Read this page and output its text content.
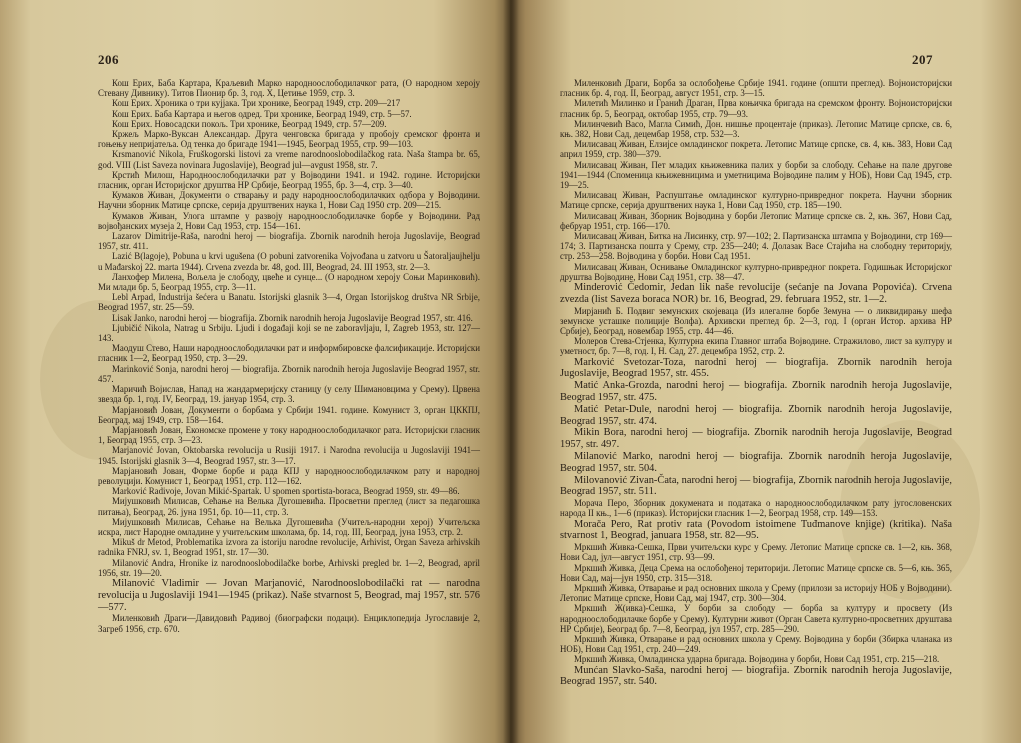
206

Кош Ерих, Баба Картара, Краљевић Марко народноослободилачког рата, (О народном херoју Стевану Дивнику). Титов Пионир бр. 3, год. X, Цетиње 1959, стр. 3.

Кош Ерих. Хроника о три кујјака. Три хронике, Београд 1949, стр. 209—217

Кош Ерих. Баба Картара и његов одред. Три хронике, Београд 1949, стр. 5—57.

Кош Ерих. Новосадски покољ. Три хронике, Београд 1949, стр. 57—209.

Кржељ Марко-Вуксан Александар. Друга ченговска бригада у пробоју сремског фронта и гоњењу непријатеља. Од тенка до бригаде 1941—1945, Београд 1955, стр. 99—103.

Krsmanović Nikola, Fruškogorski listovi za vreme narodnooslobodilačkog rata. Naša štampa br. 65, god. VIII (List Saveza novinara Jugoslavije), Beograd jul—avgust 1958, str. 7.

Крстић Милош, Народноослободилачки рат у Војводини 1941. и 1942. године. Историјски гласник, орган Историјског друштва НР Србије, Београд 1955, бр. 3—4, стр. 3—40.

Кумаков Живан, Документи о стварању и раду народноослободилачких одбора у Војводини. Научни зборник Матице српске, серија друштвених наука 1, Нови Сад 1950 стр. 209—215.

Кумаков Живан, Улога штампе у развоју народноослободилачке борбе у Војводини. Рад војвођанских музеја 2, Нови Сад 1953, стр. 154—161.

Lazarov Dimitrije-Raša, narodni heroj — biografija. Zbornik narodnih heroja Jugoslavije, Beograd 1957, str. 411.

Lazić B(lagoje), Pobuna u krvi ugušena (O pobuni zatvorenika Vojvođana u zatvoru u Šatoraljaujhelju u Mađarskoj 22. marta 1944). Crvena zvezda br. 48, god. III, Beograd, 24. III 1953, str. 2—3.

Ланхофер Милена, Вољела је слободу, цвеће и сунце... (О народном хероју Соњи Маринковић). Ми млади бр. 5, Београд 1955, стр. 3—11.

Lebl Arpad, Industrija šećera u Banatu. Istorijski glasnik 3—4, Organ Istorijskog društva NR Srbije, Beograd 1957, str. 25—59.

Lisak Janko, narodni heroj — biografija. Zbornik narodnih heroja Jugoslavije Beograd 1957, str. 416.

Ljubičić Nikola, Natrag u Srbiju. Ljudi i događaji koji se ne zaboravljaju, I, Zagreb 1953, str. 127—143.

Маодуш Стево, Наши народноослободилачки рат и информбировске фалсификације. Историјски гласник 1—2, Београд 1950, стр. 3—29.

Marinković Sonja, narodni heroj — biografija. Zbornik narodnih heroja Jugoslavije Beograd 1957, str. 457.

Маричић Војислав, Напад на жандармеријску станицу (у селу Шимановцима у Срему). Црвена звезда бр. 1, год. IV, Београд, 19. јануар 1954, стр. 3.

Марјановић Јован, Документи о борбама у Србији 1941. године. Комунист 3, орган ЦККПЈ, Београд, мај 1949, стр. 158—164.

Марјановић Јован, Економске промене у току народноослободилачког рата. Историјски гласник 1, Београд 1955, стр. 3—23.

Marjanović Jovan, Oktobarska revolucija u Rusiji 1917. i Narodna revolucija u Jugoslaviji 1941—1945. Istorijski glasnik 3—4, Beograd 1957, str. 3—17.

Марјановић Јован, Форме борбе и рада КПЈ у народноослободилачком рату и народној револуцији. Комунист 1, Београд 1951, стр. 112—162.

Marković Radivoje, Jovan Mikić-Spartak. U spomen sportista-boraca, Beograd 1959, str. 49—86.

Мијушковић Милисав, Сећање на Велька Дугошевића. Просветни преглед (лист за педагошка питања), Београд, 26. јуна 1951, бр. 10—11, стр. 3.

Мијушковић Милисав, Сећање на Велька Дугошевића (Учитељ-народни херој) Учитељска искра, лист Народне омладине у учитељским школама, бр. 14, год. III, Београд, јуна 1953, стр. 2.

Mikuš dr Metod, Problematika izvora za istoriju narodne revolucije, Arhivist, Organ Saveza arhivskih radnika FNRJ, sv. 1, Beograd 1951, str. 17—30.

Milanović Andra, Hronike iz narodnooslobodilačke borbe, Arhivski pregled br. 1—2, Beograd, april 1956, str. 19—20.

Milanović Vladimir — Jovan Marjanović, Narodnooslobodilački rat — narodna revolucija u Jugoslaviji 1941—1945 (prikaz). Naše stvarnost 5, Beograd, maj 1957, str. 576—577.

Миленковић Драги—Давидовић Радивој (биографски подаци). Енциклопедија Југославије 2, Загреб 1956, стр. 670.

207

Миленковић Драги, Борба за ослобођење Србије 1941. године (општи преглед). Војноисторијски гласник бр. 4, год. II, Београд, август 1951, стр. 3—15.

Милетић Милинко и Гранић Драган, Прва коњичка бригада на сремском фронту. Војноисторијски гласник бр. 5, Београд, октобар 1955, стр. 79—93.

Милинчевић Васо, Магла Симић, Дон. нишње процентаје (приказ). Летопис Матице српске, св. 6, књ. 382, Нови Сад, децембар 1958, стр. 532—3.

Милисавац Живан, Елзијсе омладинског покрета. Летопис Матице српске, св. 4, књ. 383, Нови Сад април 1959, стр. 380—379.

Милисавац Живан, Пет младих књижевника палих у борби за слободу. Сећање на пале другове 1941—1944 (Споменица књижевницима и уметницима Војводине палим у НОБ), Нови Сад 1945, стр. 19—25.

Милисавац Живан, Распуштање омладинског културно-привредног покрета. Научни зборник Матице српске, серија друштвених наука 1, Нови Сад 1950, стр. 185—190.

Милисавац Живан, Зборник Војводина у борби Летопис Матице српске св. 2, књ. 367, Нови Сад, фебруар 1951, стр. 166—170.

Милисавац Живан, Битка на Лисинку, стр. 97—102; 2. Партизанска штампа у Војводини, стр 169—174; 3. Партизанска пошта у Срему, стр. 235—240; 4. Долазак Васе Стајића на слободну територију, стр. 253—258. Војводина у борби. Нови Сад 1951.

Милисавац Живан, Оснивање Омладинског културно-привредног покрета. Годишњак Историјског друштва Војводине, Нови Сад 1951, стр. 38—47.

Minderović Čedomir, Jedan lik naše revolucije (sećanje na Jovana Popovića). Crvena zvezda (list Saveza boraca NOR) br. 16, Beograd, 29. februara 1952, str. 1—2.

Мирјанић Б. Подвиг земунских скојеваца (Из илегалне борбе Земуна — о ликвидирању шефа земунске усташке полиције Волфа). Архивски преглед бр. 2—3, год. I (орган Истор. архива НР Србије), Београд, новембар 1955, стр. 44—46.

Молеров Стева-Стјенка, Културна екипа Главног штаба Војводине. Стражилово, лист за културу и уметност, бр. 7—8, год. I, Н. Сад, 27. децембра 1952, стр. 2.

Marković Svetozar-Toza, narodni heroj — biografija. Zbornik narodnih heroja Jugoslavije, Beograd 1957, str. 455.

Matić Anka-Grozda, narodni heroj — biografija. Zbornik narodnih heroja Jugoslavije, Beograd 1957, str. 475.

Matić Petar-Dule, narodni heroj — biografija. Zbornik narodnih heroja Jugoslavije, Beograd 1957, str. 474.

Mikin Bora, narodni heroj — biografija. Zbornik narodnih heroja Jugoslavije, Beograd 1957, str. 497.

Milanović Marko, narodni heroj — biografija. Zbornik narodnih heroja Jugoslavije, Beograd 1957, str. 504.

Milovanović Zivan-Čata, narodni heroj — biografija, Zbornik narodnih heroja Jugoslavije, Beograd 1957, str. 511.

Морача Перо, Зборник докумената и података о народноослободилачком рату југословенских народа II књ., 1—6 (приказ). Историјски гласник 1—2, Београд 1958, стр. 149—153.

Morača Pero, Rat protiv rata (Povodom istoimene Tuđmanove knjige) (kritika). Naša stvarnost 1, Beograd, januara 1958, str. 82—95.

Мркшић Живка-Сешка, Први учитељски курс у Срему. Летопис Матице српске св. 1—2, књ. 368, Нови Сад, јул—август 1951, стр. 93—99.

Мркшић Живка, Деца Срема на ослобођеној територији. Летопис Матице српске св. 5—6, књ. 365, Нови Сад, мај—јун 1950, стр. 315—318.

Мркшић Живка, Отварање и рад основних школа у Срему (прилози за историју НОБ у Војводини). Летопис Матице српске, Нови Сад, мај 1947, стр. 300—304.

Мркшић Ж(ивка)-Сешка, У борби за слободу — борба за културу и просвету (Из народноослободилачке борбе у Срему). Културни живот (Орган Савета културно-просветних друштава НР Србије), Београд бр. 7—8, Београд, јул 1957, стр. 285—290.

Мркшић Живка, Отварање и рад основних школа у Срему. Војводина у борби (Збирка чланака из НОБ), Нови Сад 1951, стр. 240—249.

Мркшић Живка, Омладинска ударна бригада. Војводина у борби, Нови Сад 1951, стр. 215—218.

Munćan Slavko-Saša, narodni heroj — biografija. Zbornik narodnih heroja Jugoslavije, Beograd 1957, str. 540.
